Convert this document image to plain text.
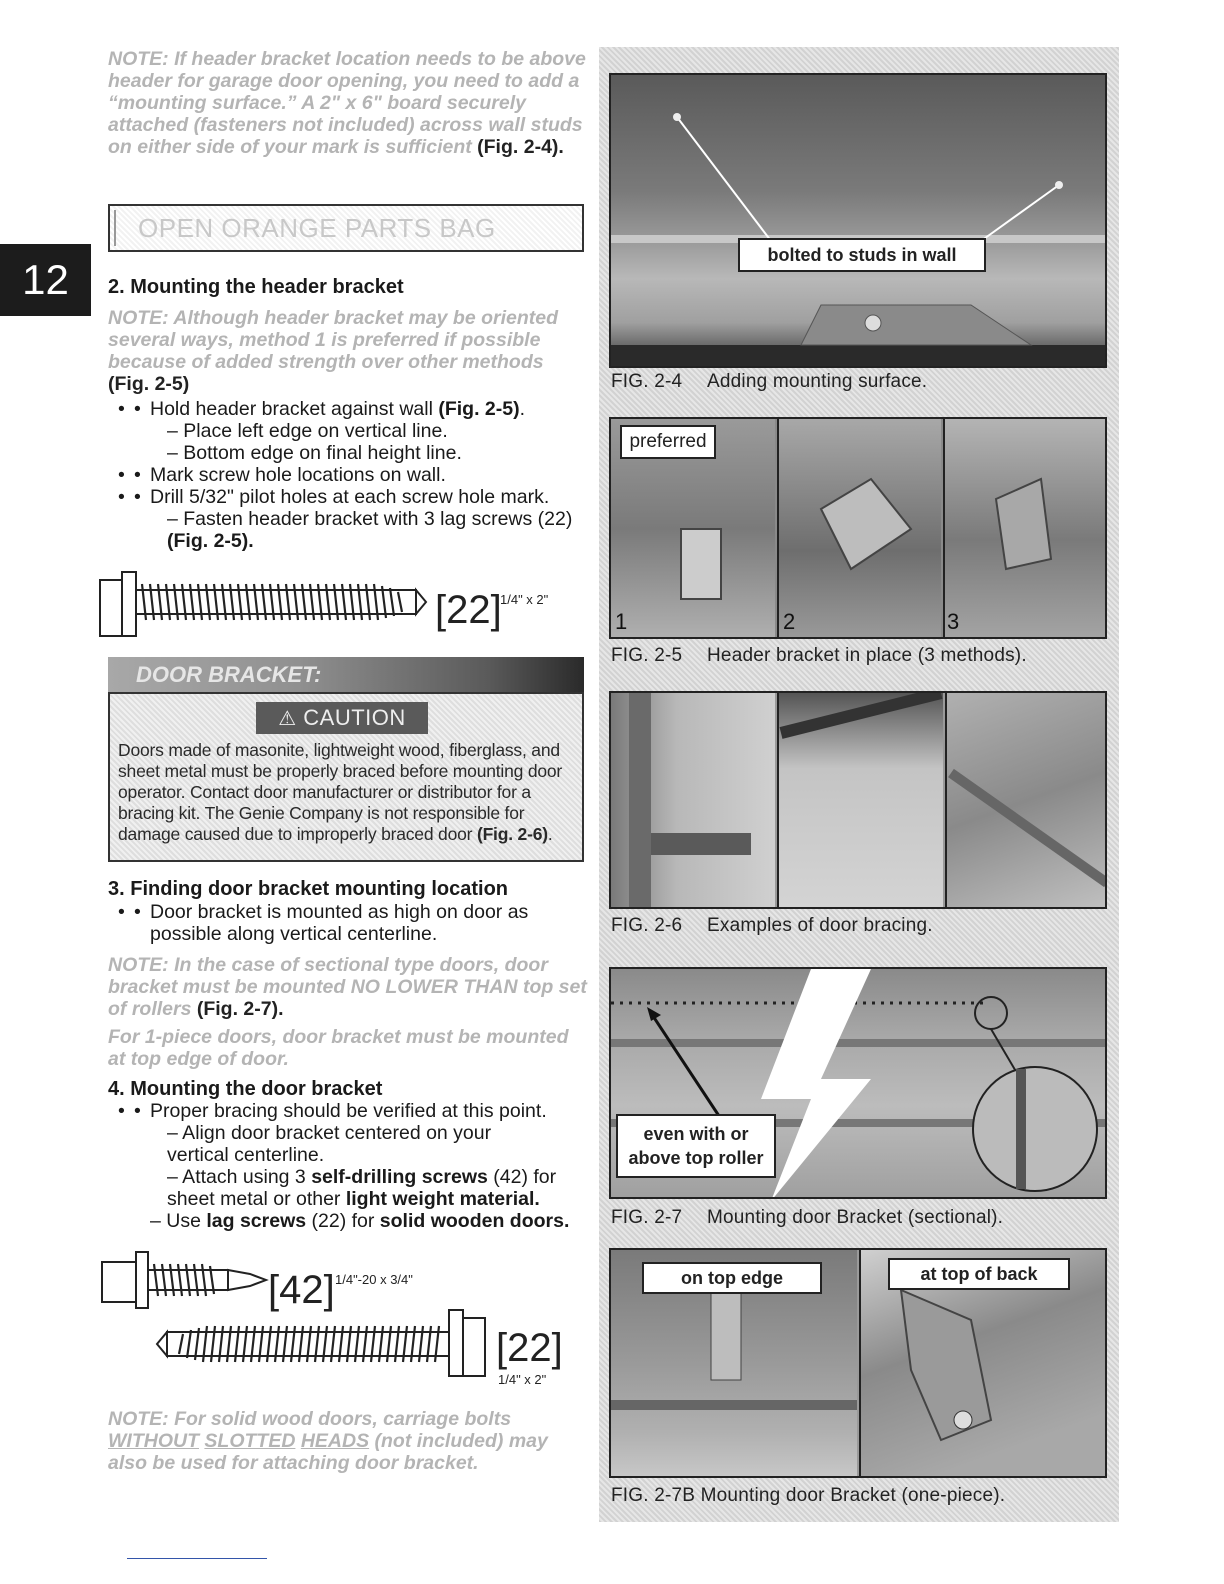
12
NOTE: If header bracket location needs to be above header for garage door opening, you need to add a “mounting surface.” A 2" x 6" board securely attached (fasteners not included) across wall studs on either side of your mark is sufficient (Fig. 2-4).
OPEN ORANGE PARTS BAG
2. Mounting the header bracket
NOTE: Although header bracket may be oriented several ways, method 1 is preferred if possible because of added strength over other methods (Fig. 2-5)
• • Hold header bracket against wall (Fig. 2-5).
– Place left edge on vertical line.
– Bottom edge on final height line.
• • Mark screw hole locations on wall.
• • Drill 5/32" pilot holes at each screw hole mark.
– Fasten header bracket with 3 lag screws (22)
(Fig. 2-5).
[22]
1/4" x 2"
DOOR BRACKET:
⚠ CAUTION
Doors made of masonite, lightweight wood, fiberglass, and sheet metal must be properly braced before mounting door operator. Contact door manufacturer or distributor for a bracing kit. The Genie Company is not responsible for damage caused due to improperly braced door (Fig. 2-6).
3. Finding door bracket mounting location
• • Door bracket is mounted as high on door as
possible along vertical centerline.
NOTE: In the case of sectional type doors, door bracket must be mounted NO LOWER THAN top set of rollers (Fig. 2-7).
For 1-piece doors, door bracket must be mounted at top edge of door.
4. Mounting the door bracket
• • Proper bracing should be verified at this point.
– Align door bracket centered on your
vertical centerline.
– Attach using 3 self-drilling screws (42) for
sheet metal or other light weight material.
– Use lag screws (22) for solid wooden doors.
[42] 1/4"-20 x 3/4"
[22]
1/4" x 2"
NOTE: For solid wood doors, carriage bolts WITHOUT SLOTTED HEADS (not included) may also be used for attaching door bracket.
bolted to studs in wall
FIG. 2-4 Adding mounting surface.
1	2	3
preferred
FIG. 2-5 Header bracket in place (3 methods).
FIG. 2-6 Examples of door bracing.
even with or
above top roller
FIG. 2-7 Mounting door Bracket (sectional).
on top edge	at top of back
FIG. 2-7B Mounting door Bracket (one-piece).
